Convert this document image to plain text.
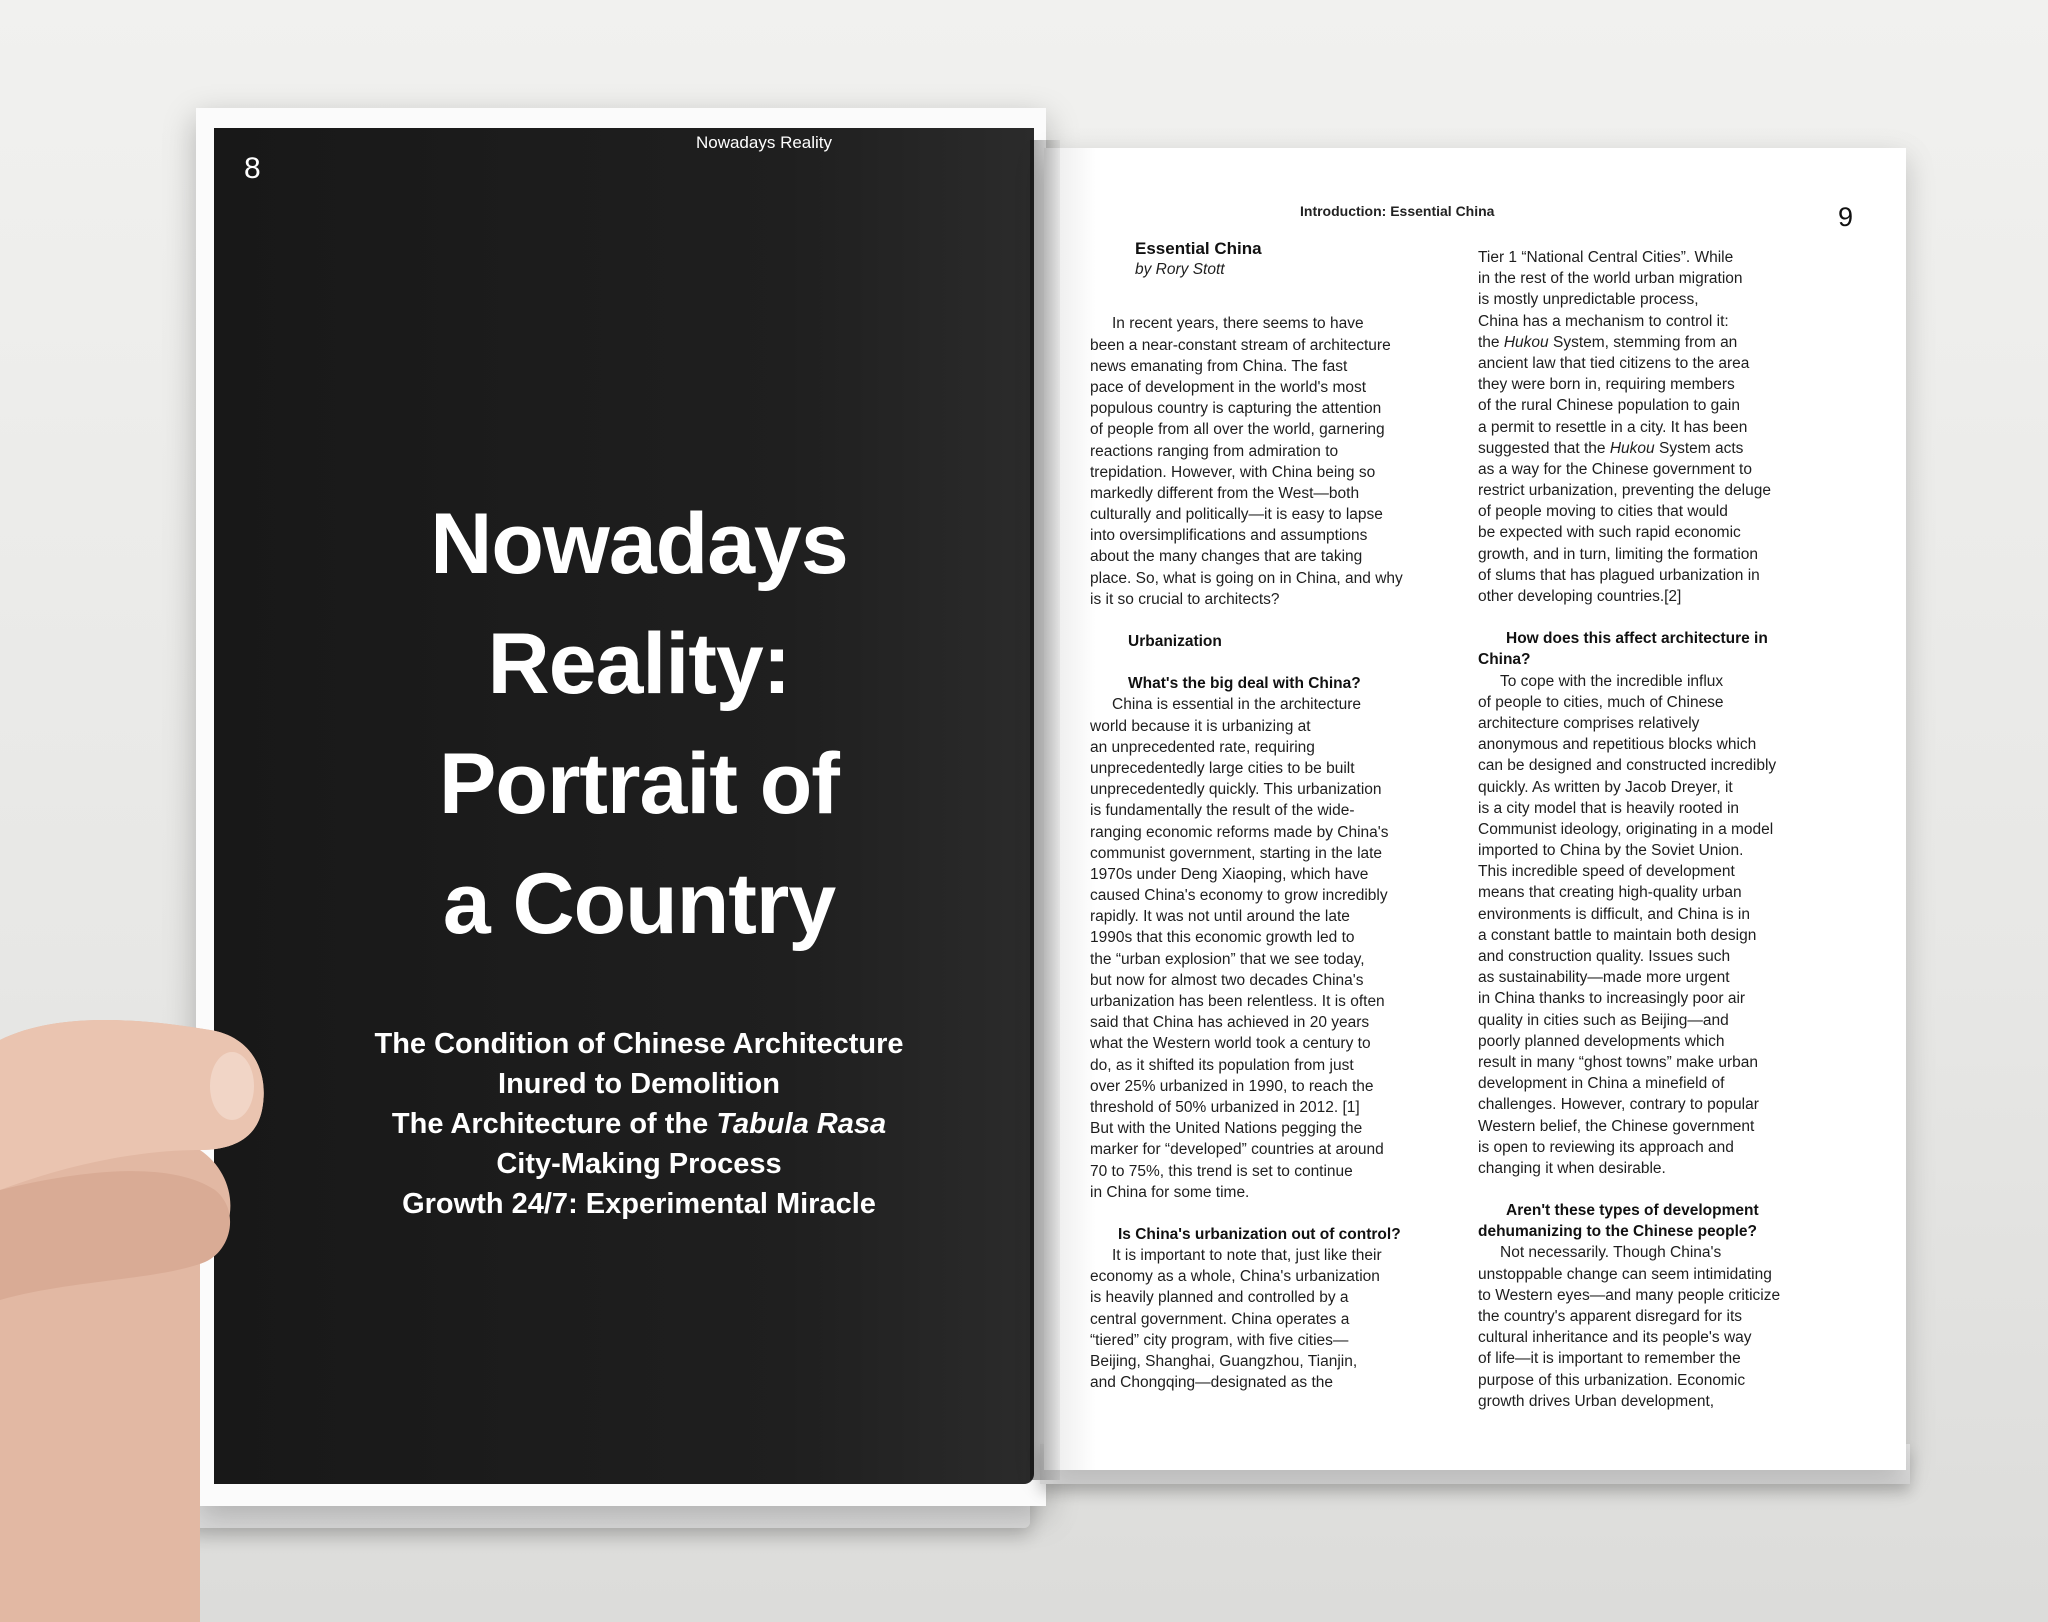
8
Nowadays Reality
Nowadays
Reality:
Portrait of
a Country
The Condition of Chinese Architecture
Inured to Demolition
The Architecture of the Tabula Rasa
City-Making Process
Growth 24/7: Experimental Miracle
Introduction: Essential China	9
Essential China
by Rory Stott
In recent years, there seems to have
been a near-constant stream of architecture
news emanating from China. The fast
pace of development in the world's most
populous country is capturing the attention
of people from all over the world, garnering
reactions ranging from admiration to
trepidation. However, with China being so
markedly different from the West—both
culturally and politically—it is easy to lapse
into oversimplifications and assumptions
about the many changes that are taking
place. So, what is going on in China, and why
is it so crucial to architects?
Urbanization
What's the big deal with China?
China is essential in the architecture
world because it is urbanizing at
an unprecedented rate, requiring
unprecedentedly large cities to be built
unprecedentedly quickly. This urbanization
is fundamentally the result of the wide-
ranging economic reforms made by China's
communist government, starting in the late
1970s under Deng Xiaoping, which have
caused China's economy to grow incredibly
rapidly. It was not until around the late
1990s that this economic growth led to
the “urban explosion” that we see today,
but now for almost two decades China's
urbanization has been relentless. It is often
said that China has achieved in 20 years
what the Western world took a century to
do, as it shifted its population from just
over 25% urbanized in 1990, to reach the
threshold of 50% urbanized in 2012. [1]
But with the United Nations pegging the
marker for “developed” countries at around
70 to 75%, this trend is set to continue
in China for some time.
Is China's urbanization out of control?
It is important to note that, just like their
economy as a whole, China's urbanization
is heavily planned and controlled by a
central government. China operates a
“tiered” city program, with five cities—
Beijing, Shanghai, Guangzhou, Tianjin,
and Chongqing—designated as the
Tier 1 “National Central Cities”. While
in the rest of the world urban migration
is mostly unpredictable process,
China has a mechanism to control it:
the Hukou System, stemming from an
ancient law that tied citizens to the area
they were born in, requiring members
of the rural Chinese population to gain
a permit to resettle in a city. It has been
suggested that the Hukou System acts
as a way for the Chinese government to
restrict urbanization, preventing the deluge
of people moving to cities that would
be expected with such rapid economic
growth, and in turn, limiting the formation
of slums that has plagued urbanization in
other developing countries.[2]
How does this affect architecture in
China?
To cope with the incredible influx
of people to cities, much of Chinese
architecture comprises relatively
anonymous and repetitious blocks which
can be designed and constructed incredibly
quickly. As written by Jacob Dreyer, it
is a city model that is heavily rooted in
Communist ideology, originating in a model
imported to China by the Soviet Union.
This incredible speed of development
means that creating high-quality urban
environments is difficult, and China is in
a constant battle to maintain both design
and construction quality. Issues such
as sustainability—made more urgent
in China thanks to increasingly poor air
quality in cities such as Beijing—and
poorly planned developments which
result in many “ghost towns” make urban
development in China a minefield of
challenges. However, contrary to popular
Western belief, the Chinese government
is open to reviewing its approach and
changing it when desirable.
Aren't these types of development
dehumanizing to the Chinese people?
Not necessarily. Though China's
unstoppable change can seem intimidating
to Western eyes—and many people criticize
the country's apparent disregard for its
cultural inheritance and its people's way
of life—it is important to remember the
purpose of this urbanization. Economic
growth drives Urban development,
